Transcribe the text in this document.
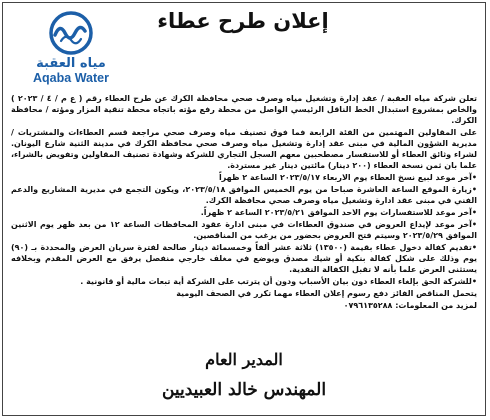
مياه العقبة
Aqaba Water
إعلان طرح عطاء

تعلن شركة مياه العقبة / عقد إدارة وتشغيل مياه وصرف صحي محافظة الكرك عن طرح العطاء رقم ( ع م / ٤ / ٢٠٢٣ ) والخاص بمشروع استبدال الخط الناقل الرئيسي الواصل من محطة رفع مؤته باتجاه محطة تنقية المزار ومؤته / محافظة الكرك.

على المقاولين المهتمين من الفئة الرابعة فما فوق تصنيف مياه وصرف صحي مراجعة قسم العطاءات والمشتريات / مديرية الشؤون المالية في مبنى عقد إدارة وتشغيل مياه وصرف صحي محافظة الكرك في مدينة الثنية شارع اليونان. لشراء وثائق العطاء أو للاستفسار مصطحبين معهم السجل التجاري للشركة وشهادة تصنيف المقاولين وتفويض بالشراء، علما بان ثمن نسخة العطاء (٢٠٠ دينار) مائتين دينار غير مستردة.

• آخر موعد لبيع نسخ العطاء يوم الاربعاء ٢٠٢٣/٥/١٧ الساعة ٢ ظهراً

• زيارة الموقع الساعة العاشرة صباحا من يوم الخميس الموافق ٢٠٢٣/٥/١٨، ويكون التجمع في مديرية المشاريع والدعم الفني في مبنى عقد ادارة وتشغيل مياه وصرف صحي محافظة الكرك.

• آخر موعد للاستفسارات يوم الاحد الموافق ٢٠٢٣/٥/٢١ الساعة ٢ ظهراً.

• آخر موعد لإيداع العروض في صندوق العطاءات في مبنى ادارة عقود المحافظات الساعة ١٢ من بعد ظهر يوم الاثنين الموافق ٢٠٢٣/٥/٢٩ وسيتم فتح العروض بحضور من يرغب من المناقصين.

• تقديم كفالة دخول عطاء بقيمة (١٣٥٠٠) ثلاثة عشر ألفاً وخمسمائة دينار صالحة لفترة سريان العرض والمحددة بـ (٩٠) يوم وذلك على شكل كفالة بنكية أو شيك مصدق ويوضع في مغلف خارجي منفصل يرفق مع العرض المقدم وبخلافه يستثنى العرض علما بأنه لا تقبل الكفالة النقدية.

• للشركة الحق بإلغاء العطاء دون بيان الأسباب ودون أن يترتب على الشركة أية تبعات مالية أو قانونية .

يتحمل المناقص الفائز دفع رسوم إعلان العطاء مهما تكرر في الصحف اليومية

لمزيد من المعلومات: ٠٧٩٦١٣٥٢٨٨

المدير العام
المهندس خالد العبيديين
